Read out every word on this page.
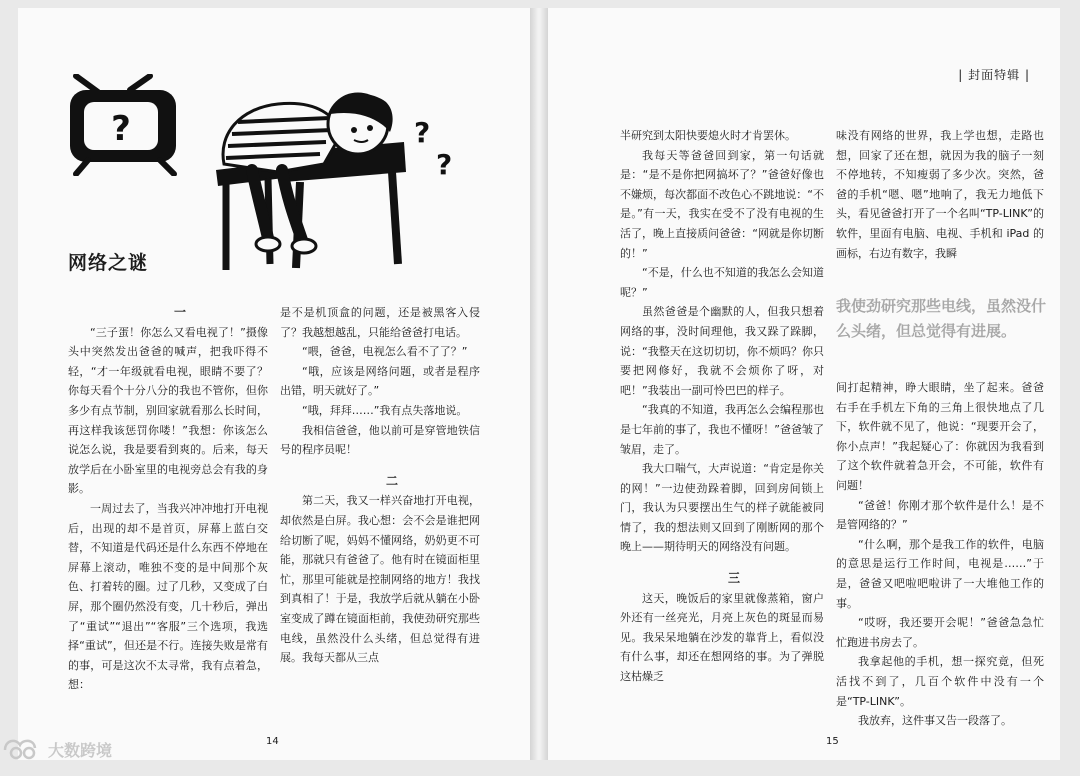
?	?
?
网络之谜

一

“三子蛋！你怎么又看电视了！”摄像头中突然发出爸爸的喊声，把我吓得不轻，“才一年级就看电视，眼睛不要了？你每天看个十分八分的我也不管你，但你多少有点节制，别回家就看那么长时间，再这样我该惩罚你喽！”我想：你该怎么说怎么说，我是要看到爽的。后来，每天放学后在小卧室里的电视旁总会有我的身影。

一周过去了，当我兴冲冲地打开电视后，出现的却不是首页，屏幕上蓝白交替，不知道是代码还是什么东西不停地在屏幕上滚动，唯独不变的是中间那个灰色、打着转的圈。过了几秒，又变成了白屏，那个圈仍然没有变，几十秒后，弹出了“重试”“退出”“客服”三个选项，我选择“重试”，但还是不行。连接失败是常有的事，可是这次不太寻常，我有点着急，想：

是不是机顶盒的问题，还是被黑客入侵了？我越想越乱，只能给爸爸打电话。

“喂，爸爸，电视怎么看不了了？”

“哦，应该是网络问题，或者是程序出错，明天就好了。”

“哦，拜拜……”我有点失落地说。

我相信爸爸，他以前可是穿管地铁信号的程序员呢！

二

第二天，我又一样兴奋地打开电视，却依然是白屏。我心想：会不会是谁把网给切断了呢，妈妈不懂网络，奶奶更不可能，那就只有爸爸了。他有时在镜面柜里忙，那里可能就是控制网络的地方！我找到真相了！于是，我放学后就从躺在小卧室变成了蹲在镜面柜前，我使劲研究那些电线，虽然没什么头绪，但总觉得有进展。我每天都从三点

14
| 封面特辑 |

半研究到太阳快要熄火时才肯罢休。

我每天等爸爸回到家，第一句话就是：“是不是你把网搞坏了？”爸爸好像也不嫌烦，每次都面不改色心不跳地说：“不是。”有一天，我实在受不了没有电视的生活了，晚上直接质问爸爸：“网就是你切断的！”

“不是，什么也不知道的我怎么会知道呢？”

虽然爸爸是个幽默的人，但我只想着网络的事，没时间理他，我又跺了跺脚，说：“我整天在这切切切，你不烦吗？你只要把网修好，我就不会烦你了呀，对吧！”我装出一副可怜巴巴的样子。

“我真的不知道，我再怎么会编程那也是七年前的事了，我也不懂呀！”爸爸皱了皱眉，走了。

我大口喘气，大声说道：“肯定是你关的网！”一边使劲跺着脚，回到房间锁上门，我认为只要摆出生气的样子就能被同情了，我的想法则又回到了刚断网的那个晚上——期待明天的网络没有问题。

三

这天，晚饭后的家里就像蒸箱，窗户外还有一丝亮光，月亮上灰色的斑显而易见。我呆呆地躺在沙发的靠背上，看似没有什么事，却还在想网络的事。为了弹脱这枯燥乏

味没有网络的世界，我上学也想，走路也想，回家了还在想，就因为我的脑子一刻不停地转，不知瘦弱了多少次。突然，爸爸的手机“嗯、嗯”地响了，我无力地低下头，看见爸爸打开了一个名叫“TP-LINK”的软件，里面有电脑、电视、手机和 iPad 的画标，右边有数字，我瞬

我使劲研究那些电线，虽然没什么头绪，但总觉得有进展。

间打起精神，睁大眼睛，坐了起来。爸爸右手在手机左下角的三角上很快地点了几下，软件就不见了，他说：“现要开会了，你小点声！”我起疑心了：你就因为我看到了这个软件就着急开会，不可能，软件有问题！

“爸爸！你刚才那个软件是什么！是不是管网络的？”

“什么啊，那个是我工作的软件，电脑的意思是运行工作时间，电视是……”于是，爸爸又吧啦吧啦讲了一大堆他工作的事。

“哎呀，我还要开会呢！”爸爸急急忙忙跑进书房去了。

我拿起他的手机，想一探究竟，但死活找不到了，几百个软件中没有一个是“TP-LINK”。

我放弃，这件事又告一段落了。

15
大数跨境
